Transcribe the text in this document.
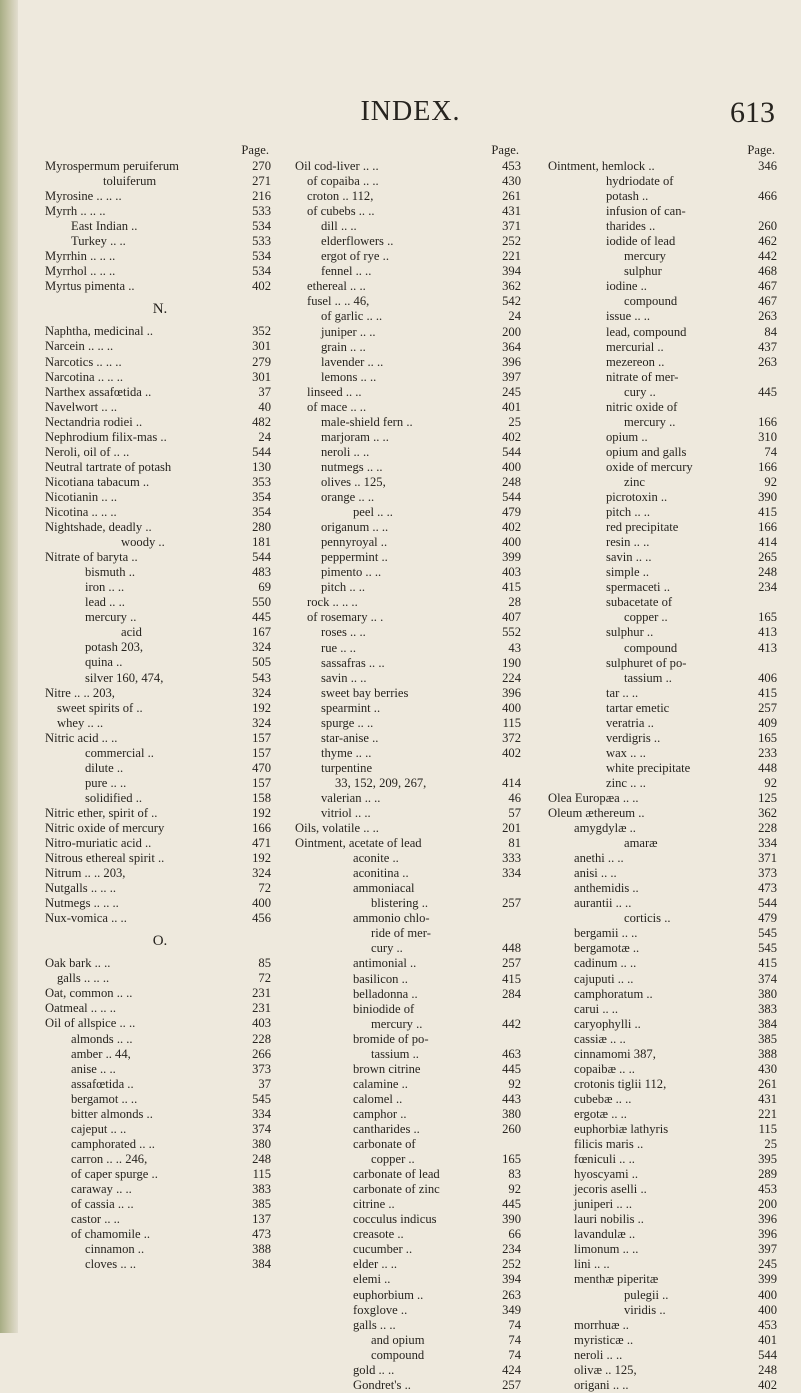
INDEX.	613
Page.
Myrospermum peruiferum	270
toluiferum	271
Myrosine .. .. ..	216
Myrrh .. .. ..	533
East Indian ..	534
Turkey .. ..	533
Myrrhin .. .. ..	534
Myrrhol .. .. ..	534
Myrtus pimenta ..	402
N.
Naphtha, medicinal ..	352
Narcein .. .. ..	301
Narcotics .. .. ..	279
Narcotina .. .. ..	301
Narthex assafœtida ..	37
Navelwort .. ..	40
Nectandria rodiei ..	482
Nephrodium filix-mas ..	24
Neroli, oil of .. ..	544
Neutral tartrate of potash	130
Nicotiana tabacum ..	353
Nicotianin .. ..	354
Nicotina .. .. ..	354
Nightshade, deadly ..	280
woody ..	181
Nitrate of baryta ..	544
bismuth ..	483
iron .. ..	69
lead .. ..	550
mercury ..	445
acid	167
potash 203,	324
quina ..	505
silver 160, 474,	543
Nitre .. .. 203,	324
sweet spirits of ..	192
whey .. ..	324
Nitric acid .. ..	157
commercial ..	157
dilute ..	470
pure .. ..	157
solidified ..	158
Nitric ether, spirit of ..	192
Nitric oxide of mercury	166
Nitro-muriatic acid ..	471
Nitrous ethereal spirit ..	192
Nitrum .. .. 203,	324
Nutgalls .. .. ..	72
Nutmegs .. .. ..	400
Nux-vomica .. ..	456
O.
Oak bark .. ..	85
galls .. .. ..	72
Oat, common .. ..	231
Oatmeal .. .. ..	231
Oil of allspice .. ..	403
almonds .. ..	228
amber .. 44,	266
anise .. ..	373
assafœtida ..	37
bergamot .. ..	545
bitter almonds ..	334
cajeput .. ..	374
camphorated .. ..	380
carron .. .. 246,	248
of caper spurge ..	115
caraway .. ..	383
of cassia .. ..	385
castor .. ..	137
of chamomile ..	473
cinnamon ..	388
cloves .. ..	384
Page.
Oil cod-liver .. ..	453
of copaiba .. ..	430
croton .. 112,	261
of cubebs .. ..	431
dill .. ..	371
elderflowers ..	252
ergot of rye ..	221
fennel .. ..	394
ethereal .. ..	362
fusel .. .. 46,	542
of garlic .. ..	24
juniper .. ..	200
grain .. ..	364
lavender .. ..	396
lemons .. ..	397
linseed .. ..	245
of mace .. ..	401
male-shield fern ..	25
marjoram .. ..	402
neroli .. ..	544
nutmegs .. ..	400
olives .. 125,	248
orange .. ..	544
peel .. ..	479
origanum .. ..	402
pennyroyal ..	400
peppermint ..	399
pimento .. ..	403
pitch .. ..	415
rock .. .. ..	28
of rosemary .. .	407
roses .. ..	552
rue .. ..	43
sassafras .. ..	190
savin .. ..	224
sweet bay berries	396
spearmint ..	400
spurge .. ..	115
star-anise ..	372
thyme .. ..	402
turpentine
33, 152, 209, 267,	414
valerian .. ..	46
vitriol .. ..	57
Oils, volatile .. ..	201
Ointment, acetate of lead	81
aconite ..	333
aconitina ..	334
ammoniacal
blistering ..	257
ammonio chlo-
ride of mer-
cury ..	448
antimonial ..	257
basilicon ..	415
belladonna ..	284
biniodide of
mercury ..	442
bromide of po-
tassium ..	463
brown citrine	445
calamine ..	92
calomel ..	443
camphor ..	380
cantharides ..	260
carbonate of
copper ..	165
carbonate of lead	83
carbonate of zinc	92
citrine ..	445
cocculus indicus	390
creasote ..	66
cucumber ..	234
elder .. ..	252
elemi ..	394
euphorbium ..	263
foxglove ..	349
galls .. ..	74
and opium	74
compound	74
gold .. ..	424
Gondret's ..	257
Page.
Ointment, hemlock ..	346
hydriodate of
potash ..	466
infusion of can-
tharides ..	260
iodide of lead	462
mercury	442
sulphur	468
iodine ..	467
compound	467
issue .. ..	263
lead, compound	84
mercurial ..	437
mezereon ..	263
nitrate of mer-
cury ..	445
nitric oxide of
mercury ..	166
opium ..	310
opium and galls	74
oxide of mercury	166
zinc	92
picrotoxin ..	390
pitch .. ..	415
red precipitate	166
resin .. ..	414
savin .. ..	265
simple ..	248
spermaceti ..	234
subacetate of
copper ..	165
sulphur ..	413
compound	413
sulphuret of po-
tassium ..	406
tar .. ..	415
tartar emetic	257
veratria ..	409
verdigris ..	165
wax .. ..	233
white precipitate	448
zinc .. ..	92
Olea Europæa .. ..	125
Oleum æthereum ..	362
amygdylæ ..	228
amaræ	334
anethi .. ..	371
anisi .. ..	373
anthemidis ..	473
aurantii .. ..	544
corticis ..	479
bergamii .. ..	545
bergamotæ ..	545
cadinum .. ..	415
cajuputi .. ..	374
camphoratum ..	380
carui .. ..	383
caryophylli ..	384
cassiæ .. ..	385
cinnamomi 387,	388
copaibæ .. ..	430
crotonis tiglii 112,	261
cubebæ .. ..	431
ergotæ .. ..	221
euphorbiæ lathyris	115
filicis maris ..	25
fœniculi .. ..	395
hyoscyami ..	289
jecoris aselli ..	453
juniperi .. ..	200
lauri nobilis ..	396
lavandulæ ..	396
limonum .. ..	397
lini .. ..	245
menthæ piperitæ	399
pulegii ..	400
viridis ..	400
morrhuæ ..	453
myristicæ ..	401
neroli .. ..	544
olivæ .. 125,	248
origani .. ..	402
